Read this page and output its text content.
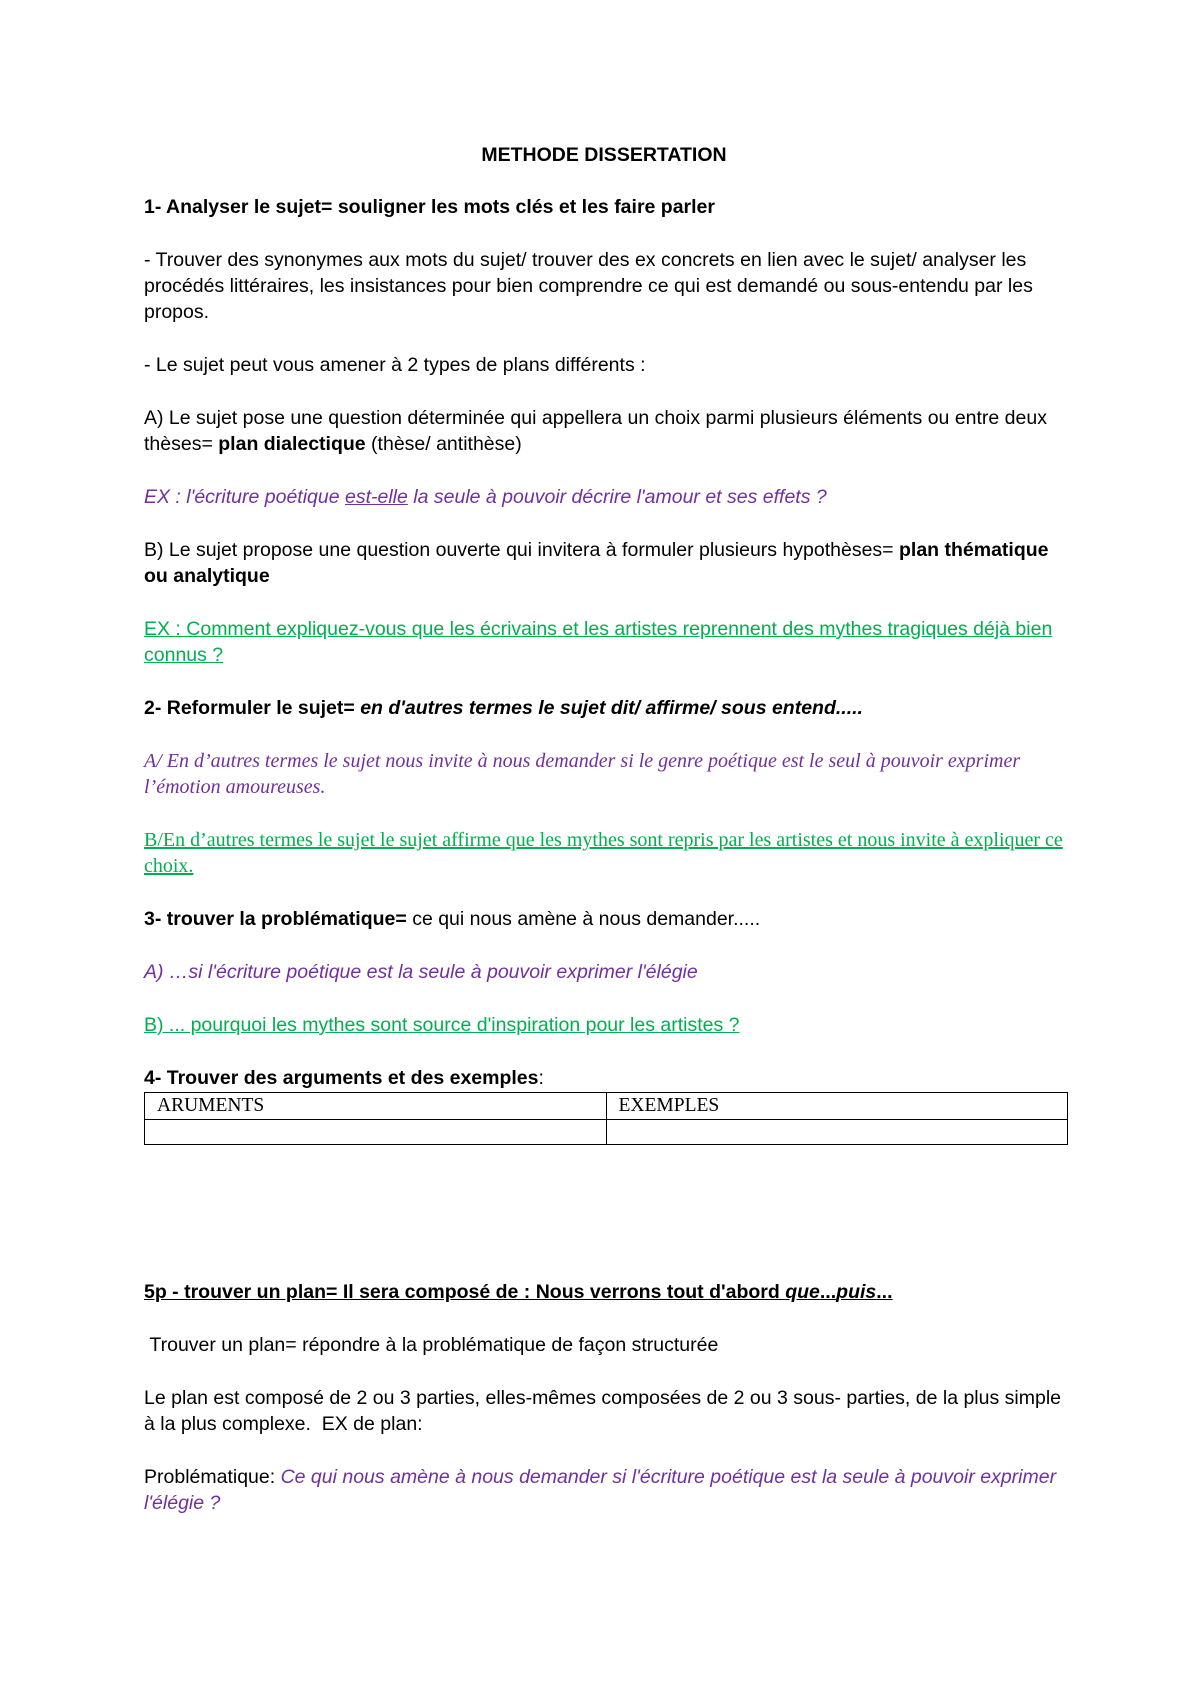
METHODE DISSERTATION

1- Analyser le sujet= souligner les mots clés et les faire parler

- Trouver des synonymes aux mots du sujet/ trouver des ex concrets en lien avec le sujet/ analyser les procédés littéraires, les insistances pour bien comprendre ce qui est demandé ou sous-entendu par les propos.

- Le sujet peut vous amener à 2 types de plans différents :

A) Le sujet pose une question déterminée qui appellera un choix parmi plusieurs éléments ou entre deux thèses= plan dialectique (thèse/ antithèse)

EX : l'écriture poétique est-elle la seule à pouvoir décrire l'amour et ses effets ?

B) Le sujet propose une question ouverte qui invitera à formuler plusieurs hypothèses= plan thématique ou analytique

EX : Comment expliquez-vous que les écrivains et les artistes reprennent des mythes tragiques déjà bien connus ?

2- Reformuler le sujet= en d'autres termes le sujet dit/ affirme/ sous entend.....

A/ En d’autres termes le sujet nous invite à nous demander si le genre poétique est le seul à pouvoir exprimer l’émotion amoureuses.

B/En d’autres termes le sujet le sujet affirme que les mythes sont repris par les artistes et nous invite à expliquer ce choix.

3- trouver la problématique= ce qui nous amène à nous demander.....

A) …si l'écriture poétique est la seule à pouvoir exprimer l'élégie

B) ... pourquoi les mythes sont source d'inspiration pour les artistes ?

4- Trouver des arguments et des exemples:

ARUMENTS	EXEMPLES

5p - trouver un plan= Il sera composé de : Nous verrons tout d'abord que...puis...

Trouver un plan= répondre à la problématique de façon structurée

Le plan est composé de 2 ou 3 parties, elles-mêmes composées de 2 ou 3 sous- parties, de la plus simple à la plus complexe.  EX de plan:

Problématique: Ce qui nous amène à nous demander si l'écriture poétique est la seule à pouvoir exprimer l'élégie ?
